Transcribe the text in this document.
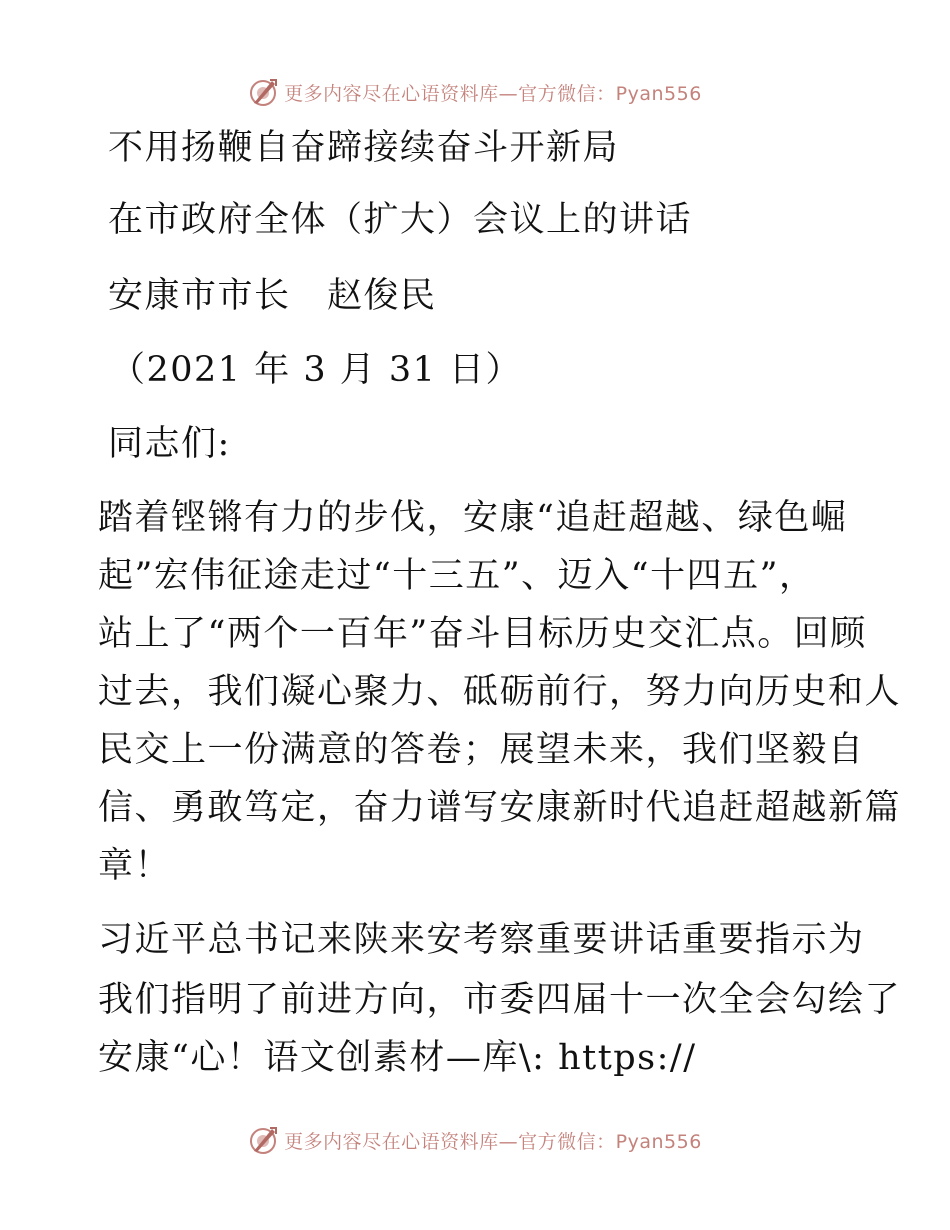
更多内容尽在心语资料库—官方微信：Pyan556
不用扬鞭自奋蹄接续奋斗开新局
在市政府全体（扩大）会议上的讲话
安康市市长　赵俊民
（2021 年 3 月 31 日）
同志们:
踏着铿锵有力的步伐，安康“追赶超越、绿色崛
起”宏伟征途走过“十三五”、迈入“十四五”，
站上了“两个一百年”奋斗目标历史交汇点。回顾
过去，我们凝心聚力、砥砺前行，努力向历史和人
民交上一份满意的答卷；展望未来，我们坚毅自
信、勇敢笃定，奋力谱写安康新时代追赶超越新篇
章！
习近平总书记来陕来安考察重要讲话重要指示为
我们指明了前进方向，市委四届十一次全会勾绘了
安康“心！语文创素材—库\: https://
更多内容尽在心语资料库—官方微信：Pyan556
